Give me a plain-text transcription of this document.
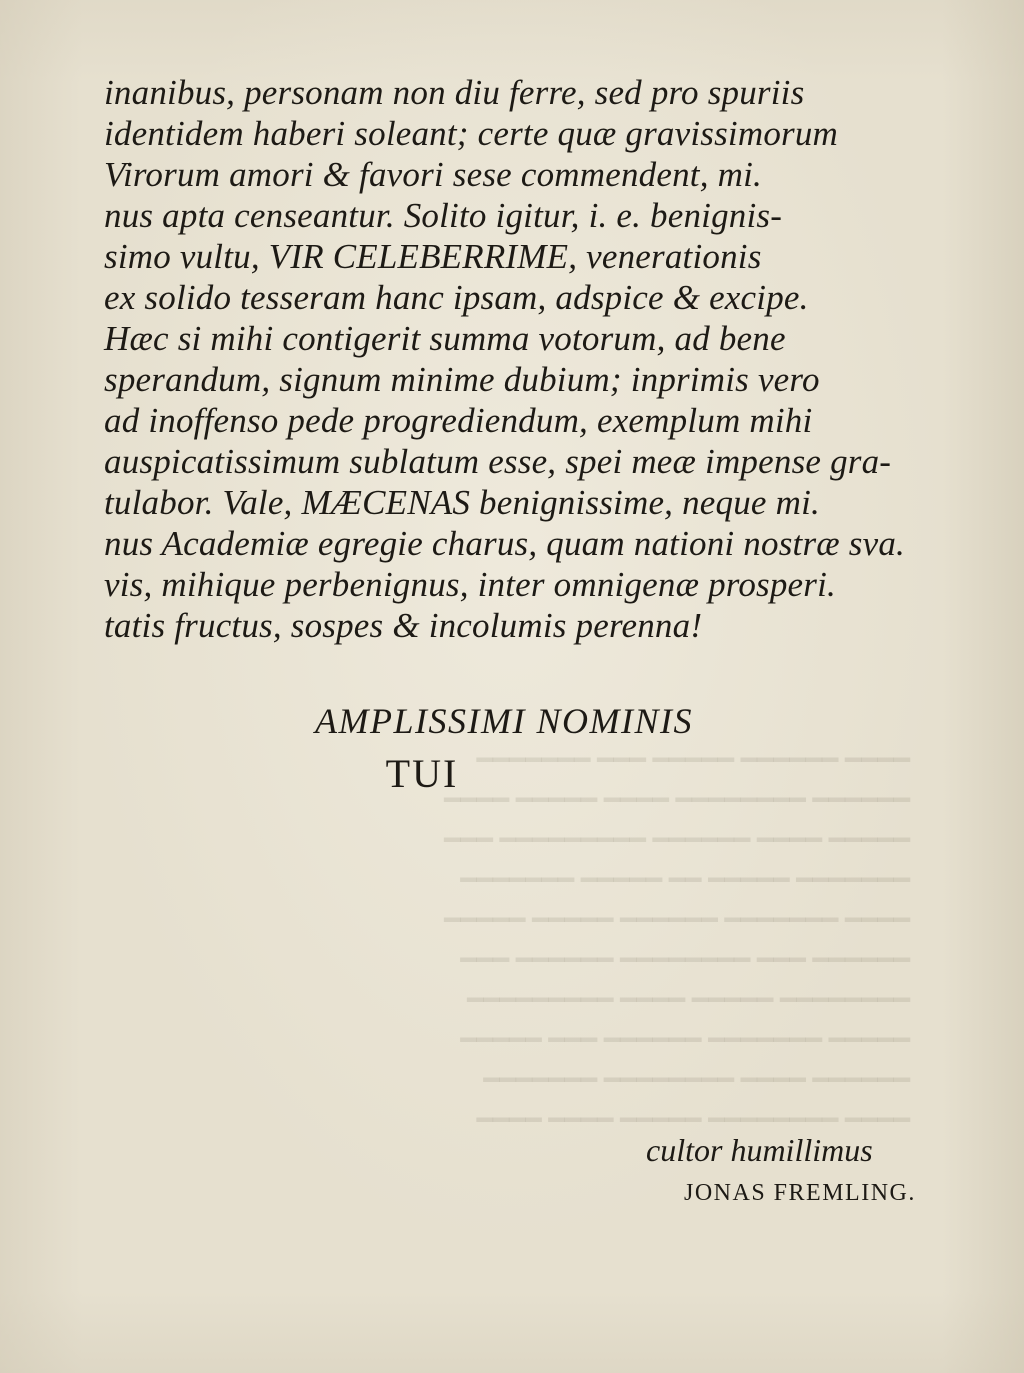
━━━━ ━━━━━━ ━━━━━ ━━━ ━━━━━━━
━━━━━━ ━━━━━━━━ ━━━━ ━━━━━ ━━━━
━━━━━ ━━━━ ━━━━━━ ━━━━━━━━━ ━━━
━━━━━━━ ━━━━━ ━━ ━━━━━ ━━━━━━━
━━━━ ━━━━━━━ ━━━━━━ ━━━━━ ━━━━━
━━━━━━ ━━━ ━━━━━━━━ ━━━━━━ ━━━
━━━━━━━━ ━━━━━ ━━━━ ━━━━━━━━━
━━━━━ ━━━━━━━ ━━━━━━ ━━━ ━━━━━
━━━━━━ ━━━━ ━━━━━━━━ ━━━━━━━
━━━━ ━━━━━━━━ ━━━━━ ━━━━ ━━━━
inanibus, personam non diu ferre, sed pro spuriis
identidem haberi soleant; certe quæ gravissimorum
Virorum amori & favori sese commendent, mi.
nus apta censeantur. Solito igitur, i. e. benignis-
simo vultu, VIR CELEBERRIME, venerationis
ex solido tesseram hanc ipsam, adspice & excipe.
Hæc si mihi contigerit summa votorum, ad bene
sperandum, signum minime dubium; inprimis vero
ad inoffenso pede progrediendum, exemplum mihi
auspicatissimum sublatum esse, spei meæ impense gra-
tulabor. Vale, MÆCENAS benignissime, neque mi.
nus Academiæ egregie charus, quam nationi nostræ sva.
vis, mihique perbenignus, inter omnigenæ prosperi.
tatis fructus, sospes & incolumis perenna!
AMPLISSIMI NOMINIS
TUI
cultor humillimus
JONAS FREMLING.
